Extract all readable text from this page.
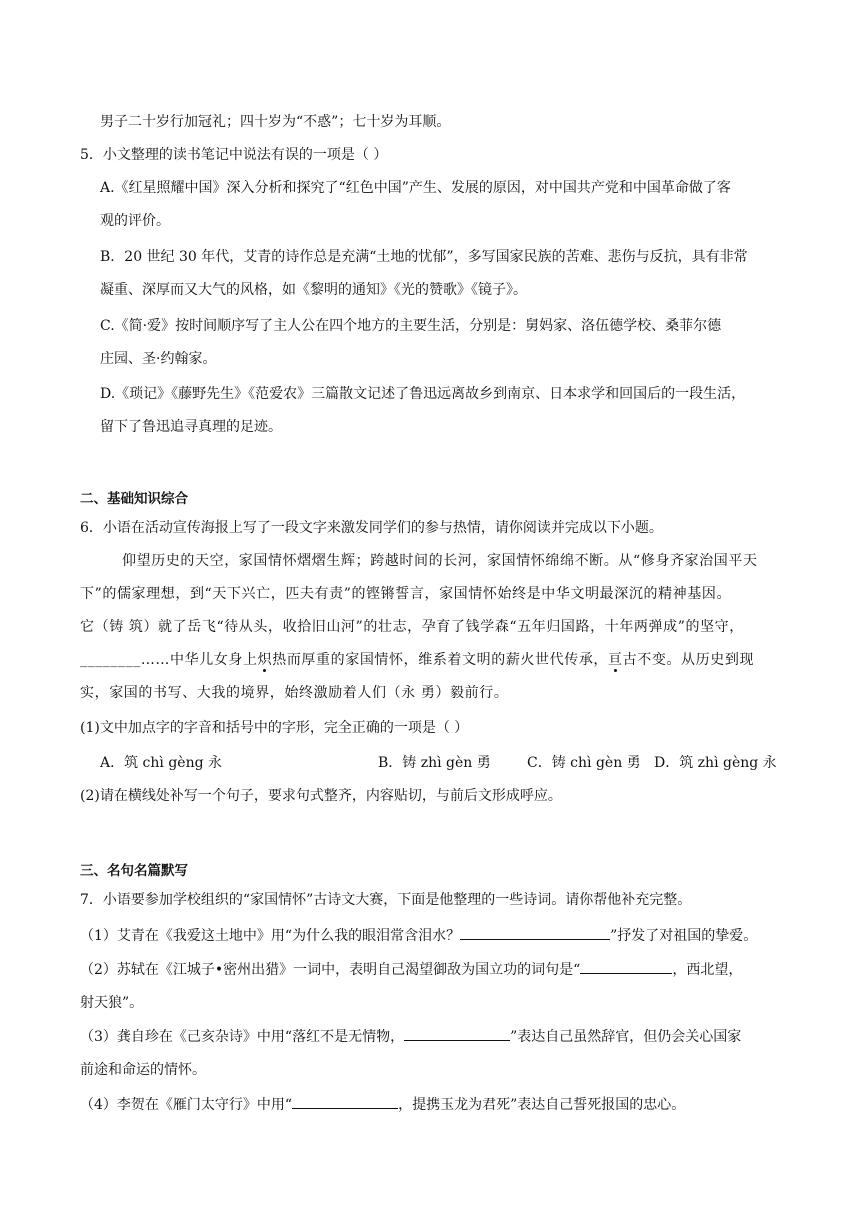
男子二十岁行加冠礼；四十岁为“不惑”；七十岁为耳顺。
5．小文整理的读书笔记中说法有误的一项是（ ）
A.《红星照耀中国》深入分析和探究了“红色中国”产生、发展的原因，对中国共产党和中国革命做了客
观的评价。
B．20 世纪 30 年代，艾青的诗作总是充满“土地的忧郁”，多写国家民族的苦难、悲伤与反抗，具有非常
凝重、深厚而又大气的风格，如《黎明的通知》《光的赞歌》《镜子》。
C.《简·爱》按时间顺序写了主人公在四个地方的主要生活，分别是：舅妈家、洛伍德学校、桑菲尔德
庄园、圣·约翰家。
D.《琐记》《藤野先生》《范爱农》三篇散文记述了鲁迅远离故乡到南京、日本求学和回国后的一段生活，
留下了鲁迅追寻真理的足迹。
二、基础知识综合
6．小语在活动宣传海报上写了一段文字来激发同学们的参与热情，请你阅读并完成以下小题。
仰望历史的天空，家国情怀熠熠生辉；跨越时间的长河，家国情怀绵绵不断。从“修身齐家治国平天
下”的儒家理想，到“天下兴亡，匹夫有责”的铿锵誓言，家国情怀始终是中华文明最深沉的精神基因。
它（铸 筑）就了岳飞“待从头，收拾旧山河”的壮志，孕育了钱学森“五年归国路，十年两弹成”的坚守，
________……中华儿女身上炽热而厚重的家国情怀，维系着文明的薪火世代传承，亘古不变。从历史到现
实，家国的书写、大我的境界，始终激励着人们（永 勇）毅前行。
(1)文中加点字的字音和括号中的字形，完全正确的一项是（ ）
A．筑 chì gèng 永	B．铸 zhì gèn 勇	C．铸 chì gèn 勇 D．筑 zhì gèng 永
(2)请在横线处补写一个句子，要求句式整齐，内容贴切，与前后文形成呼应。
三、名句名篇默写
7．小语要参加学校组织的“家国情怀”古诗文大赛，下面是他整理的一些诗词。请你帮他补充完整。
（1）艾青在《我爱这土地中》用“为什么我的眼泪常含泪水？	”抒发了对祖国的挚爱。
（2）苏轼在《江城子•密州出猎》一词中，表明自己渴望御敌为国立功的词句是“	，西北望，
射天狼”。
（3）龚自珍在《己亥杂诗》中用“落红不是无情物，	”表达自己虽然辞官，但仍会关心国家
前途和命运的情怀。
（4）李贺在《雁门太守行》中用“	，提携玉龙为君死”表达自己誓死报国的忠心。
